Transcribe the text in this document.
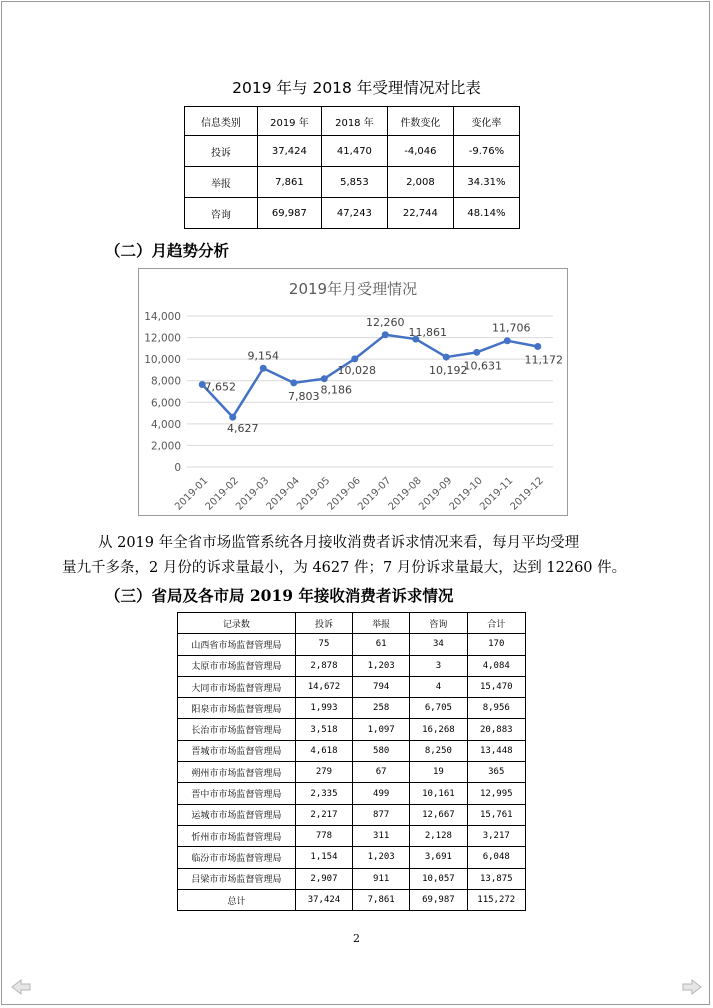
2019 年与 2018 年受理情况对比表
信息类别	2019 年	2018 年	件数变化	变化率
投诉	37,424	41,470	-4,046	-9.76%
举报	7,861	5,853	2,008	34.31%
咨询	69,987	47,243	22,744	48.14%
（二）月趋势分析
2019年月受理情况
0
2,000
4,000
6,000
8,000
10,000
12,000
14,000
2019-01
2019-02
2019-03
2019-04
2019-05
2019-06
2019-07
2019-08
2019-09
2019-10
2019-11
2019-12
7,652
4,627
9,154
7,803 8,186
10,028
12,260
11,861
10,192
10,631
11,706
11,172
从 2019 年全省市场监管系统各月接收消费者诉求情况来看，每月平均受理
量九千多条，2 月份的诉求量最小，为 4627 件；7 月份诉求量最大，达到 12260 件。
（三）省局及各市局 2019 年接收消费者诉求情况
记录数	投诉	举报	咨询	合计
山西省市场监督管理局	75	61	34	170
太原市市场监督管理局	2,878	1,203	3	4,084
大同市市场监督管理局	14,672	794	4	15,470
阳泉市市场监督管理局	1,993	258	6,705	8,956
长治市市场监督管理局	3,518	1,097	16,268	20,883
晋城市市场监督管理局	4,618	580	8,250	13,448
朔州市市场监督管理局	279	67	19	365
晋中市市场监督管理局	2,335	499	10,161	12,995
运城市市场监督管理局	2,217	877	12,667	15,761
忻州市市场监督管理局	778	311	2,128	3,217
临汾市市场监督管理局	1,154	1,203	3,691	6,048
吕梁市市场监督管理局	2,907	911	10,057	13,875
总计	37,424	7,861	69,987	115,272
2
